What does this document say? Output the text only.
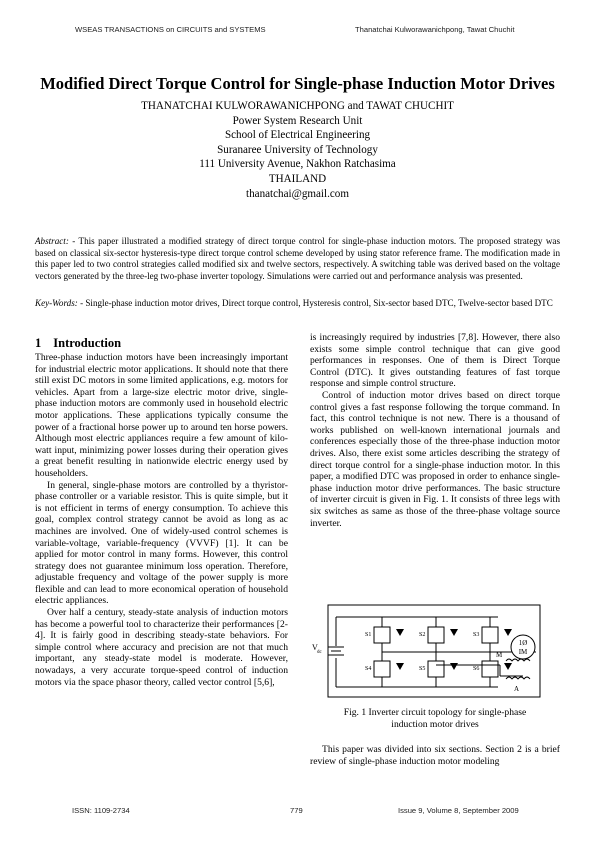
WSEAS TRANSACTIONS on CIRCUITS and SYSTEMS	Thanatchai Kulworawanichpong, Tawat Chuchit
Modified Direct Torque Control for Single-phase Induction Motor Drives
THANATCHAI KULWORAWANICHPONG and TAWAT CHUCHIT
Power System Research Unit
School of Electrical Engineering
Suranaree University of Technology
111 University Avenue, Nakhon Ratchasima
THAILAND
thanatchai@gmail.com
Abstract: - This paper illustrated a modified strategy of direct torque control for single-phase induction motors. The proposed strategy was based on classical six-sector hysteresis-type direct torque control scheme developed by using stator reference frame. The modification made in this paper led to two control strategies called modified six and twelve sectors, respectively. A switching table was derived based on the voltage vectors generated by the three-leg two-phase inverter topology. Simulations were carried out and performance analysis was presented.
Key-Words: - Single-phase induction motor drives, Direct torque control, Hysteresis control, Six-sector based DTC, Twelve-sector based DTC
1 Introduction

Three-phase induction motors have been increasingly important for industrial electric motor applications. It should note that there still exist DC motors in some limited applications, e.g. motors for vehicles. Apart from a large-size electric motor drive, single-phase induction motors are commonly used in household electric motor applications. These applications typically consume the power of a fractional horse power up to around ten horse powers. Although most electric appliances require a few amount of kilo-watt input, minimizing power losses during their operation gives a great benefit resulting in nationwide electric energy used by householders.

In general, single-phase motors are controlled by a thyristor-phase controller or a variable resistor. This is quite simple, but it is not efficient in terms of energy consumption. To achieve this goal, complex control strategy cannot be avoid as long as ac machines are involved. One of widely-used control schemes is variable-voltage, variable-frequency (VVVF) [1]. It can be applied for motor control in many forms. However, this control strategy does not guarantee minimum loss operation. Therefore, adjustable frequency and voltage of the power supply is more flexible and can lead to more economical operation of household electric appliances.

Over half a century, steady-state analysis of induction motors has become a powerful tool to characterize their performances [2-4]. It is fairly good in describing steady-state behaviors. For simple control where accuracy and precision are not that much important, any steady-state model is moderate. However, nowadays, a very accurate torque-speed control of induction motors via the space phasor theory, called vector control [5,6],

is increasingly required by industries [7,8]. However, there also exists some simple control technique that can give good performances in responses. One of them is Direct Torque Control (DTC). It gives outstanding features of fast torque response and simple control structure.

Control of induction motor drives based on direct torque control gives a fast response following the torque command. In fact, this control technique is not new. There is a thousand of works published on well-known international journals and conferences especially those of the three-phase induction motor drives. Also, there exist some articles describing the strategy of direct torque control for a single-phase induction motor. In this paper, a modified DTC was proposed in order to enhance single-phase induction motor drive performances. The basic structure of inverter circuit is given in Fig. 1. It consists of three legs with six switches as same as those of the three-phase voltage source inverter.

V
dc
S1	S2	S3
S4	S5	S6
1Ø
IM
M
A
Fig. 1 Inverter circuit topology for single-phase
induction motor drives

This paper was divided into six sections. Section 2 is a brief review of single-phase induction motor modeling

ISSN: 1109-2734	779	Issue 9, Volume 8, September 2009
